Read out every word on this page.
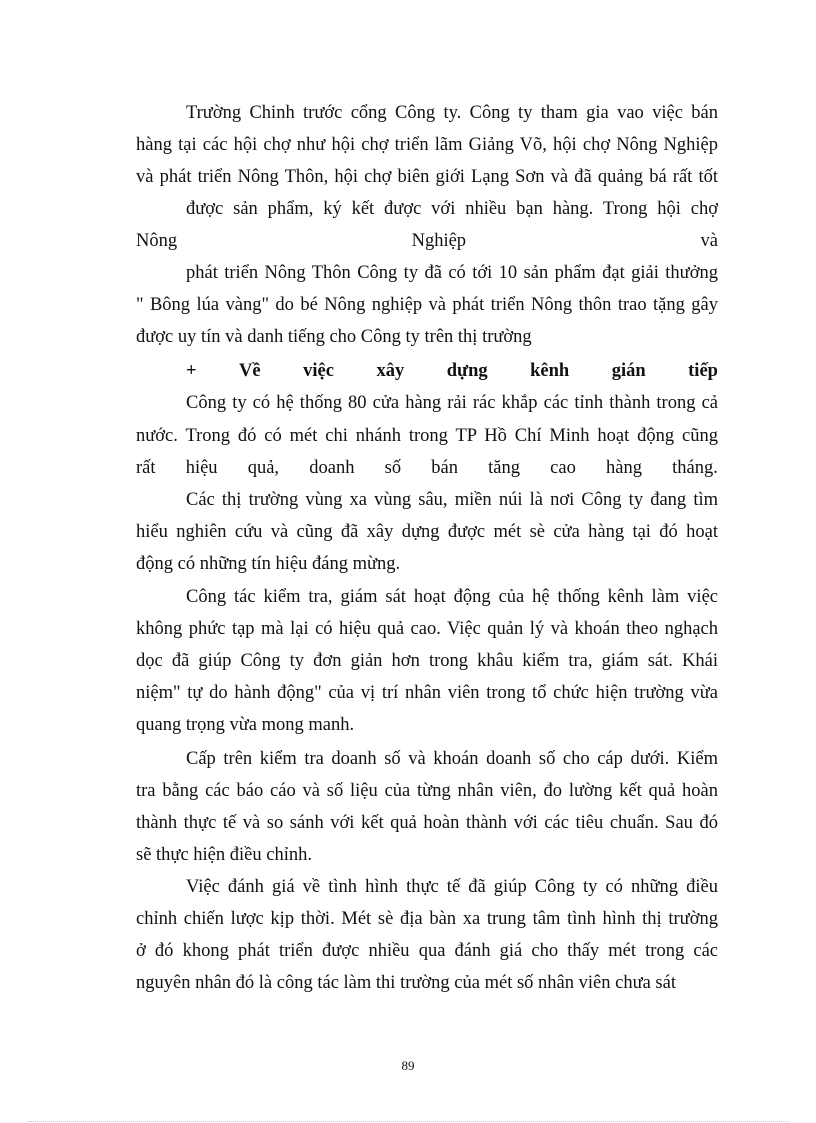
Trường Chinh trước cổng Công ty. Công ty tham gia vao việc bán
hàng tại các hội chợ như hội chợ triển lãm Giảng Võ, hội chợ Nông Nghiệp
và phát triển Nông Thôn, hội chợ biên giới Lạng Sơn và đã quảng bá rất tốt
được sản phẩm, ký kết được với nhiều bạn hàng. Trong hội chợ
Nông	Nghiệp	và
phát triển Nông Thôn Công ty đã có tới 10 sản phẩm đạt giải thưởng
" Bông lúa vàng" do bé Nông nghiệp và phát triển Nông thôn trao tặng gây
được uy tín và danh tiếng cho Công ty trên thị trường
+ Về việc xây dựng kênh gián tiếp
Công ty có hệ thống 80 cửa hàng rải rác khắp các tỉnh thành trong cả
nước. Trong đó có mét chi nhánh trong TP Hồ Chí Minh hoạt động cũng
rất hiệu quả, doanh số bán tăng cao hàng tháng.
Các thị trường vùng xa vùng sâu, miền núi là nơi Công ty đang tìm
hiểu nghiên cứu và cũng đã xây dựng được mét sè cửa hàng tại đó hoạt
động có những tín hiệu đáng mừng.
Công tác kiểm tra, giám sát hoạt động của hệ thống kênh làm việc
không phức tạp mà lại có hiệu quả cao. Việc quản lý và khoán theo nghạch
dọc đã giúp Công ty đơn giản hơn trong khâu kiểm tra, giám sát. Khái
niệm" tự do hành động" của vị trí nhân viên trong tổ chức hiện trường vừa
quang trọng vừa mong manh.
Cấp trên kiểm tra doanh số và khoán doanh số cho cáp dưới. Kiểm
tra bằng các báo cáo và số liệu của từng nhân viên, đo lường kết quả hoàn
thành thực tế và so sánh với kết quả hoàn thành với các tiêu chuẩn. Sau đó
sẽ thực hiện điều chỉnh.
Việc đánh giá về tình hình thực tế đã giúp Công ty có những điều
chỉnh chiến lược kịp thời. Mét sè địa bàn xa trung tâm tình hình thị trường
ở đó khong phát triển được nhiều qua đánh giá cho thấy mét trong các
nguyên nhân đó là công tác làm thi trường của mét số nhân viên chưa sát
89
